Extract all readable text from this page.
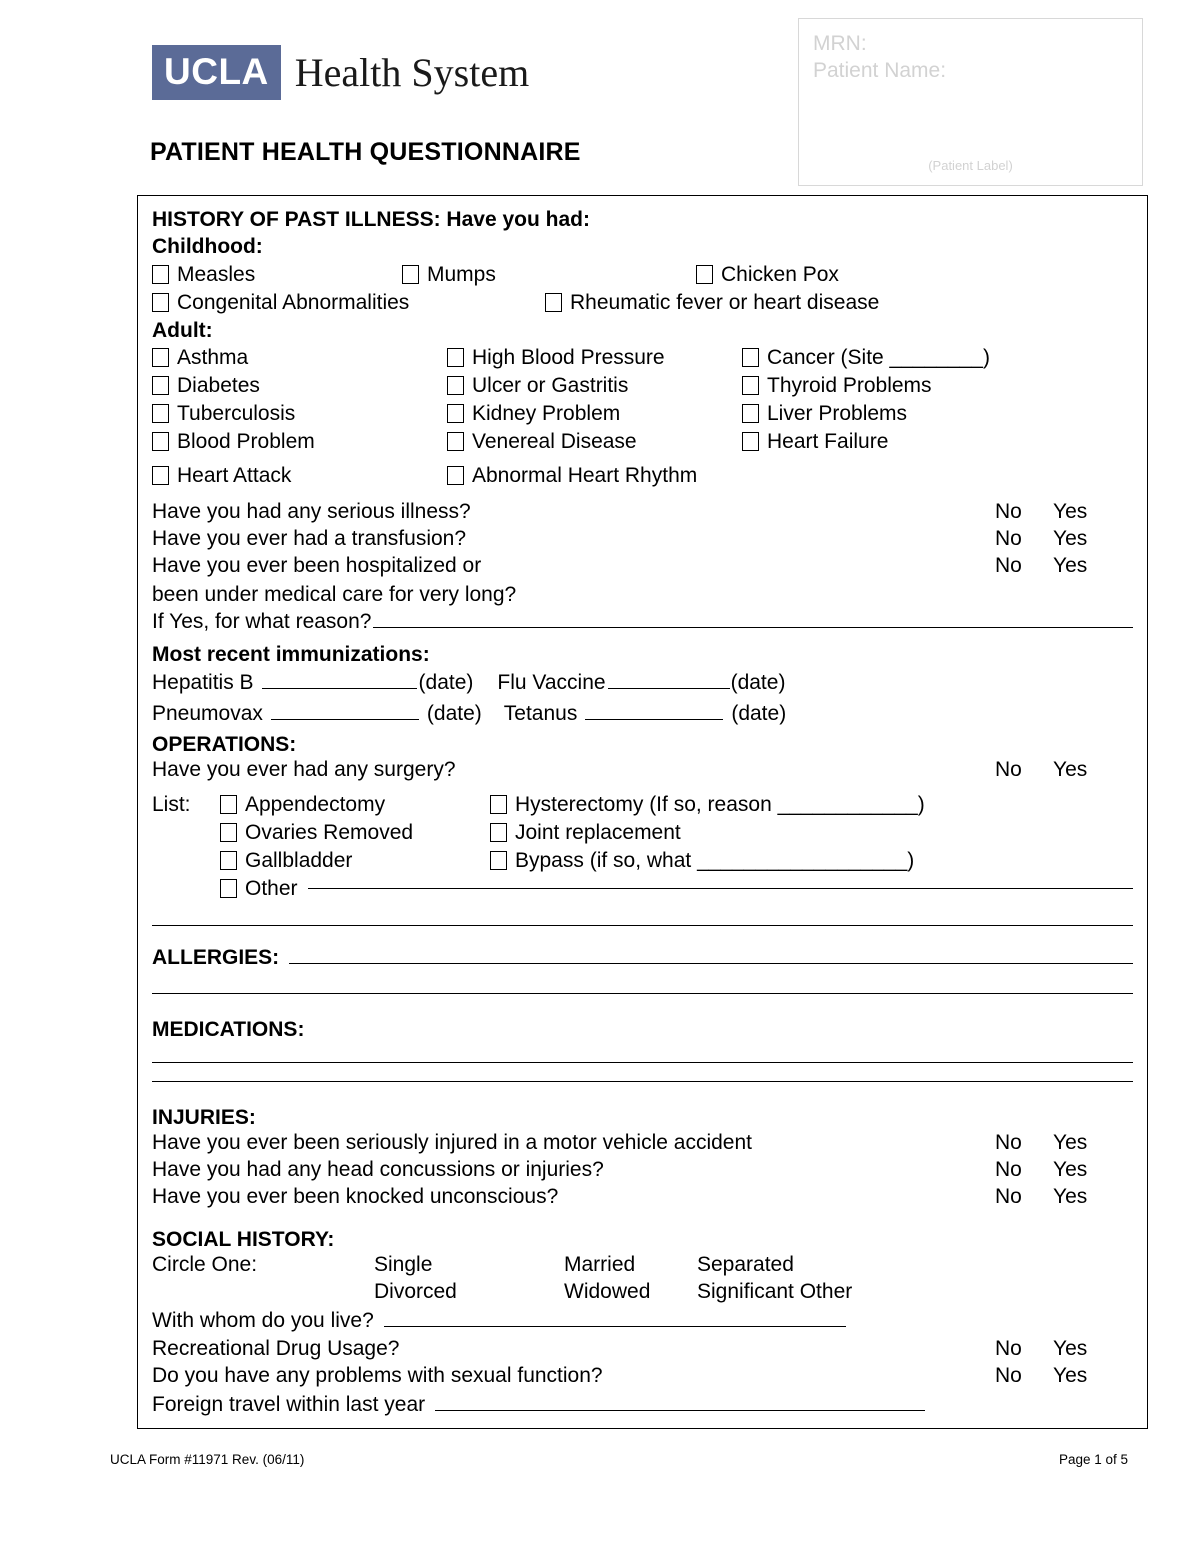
UCLA Health System
PATIENT HEALTH QUESTIONNAIRE
MRN:
Patient Name:
(Patient Label)
HISTORY OF PAST ILLNESS: Have you had:
Childhood:
Measles	Mumps	Chicken Pox
Congenital Abnormalities	Rheumatic fever or heart disease
Adult:
Asthma	High Blood Pressure	Cancer (Site ________)
Diabetes	Ulcer or Gastritis	Thyroid Problems
Tuberculosis	Kidney Problem	Liver Problems
Blood Problem	Venereal Disease	Heart Failure
Heart Attack	Abnormal Heart Rhythm
Have you had any serious illness?	No	Yes
Have you ever had a transfusion?	No	Yes
Have you ever been hospitalized or	No	Yes
been under medical care for very long?
If Yes, for what reason?
Most recent immunizations:
Hepatitis B	(date)
Flu Vaccine	(date)
Pneumovax	(date)
Tetanus	(date)
OPERATIONS:
Have you ever had any surgery?	No	Yes
List:	Appendectomy	Hysterectomy (If so, reason ____________)

Ovaries Removed	Joint replacement

Gallbladder	Bypass (if so, what __________________)

Other
ALLERGIES:
MEDICATIONS:
INJURIES:
Have you ever been seriously injured in a motor vehicle accident	No	Yes
Have you had any head concussions or injuries?	No	Yes
Have you ever been knocked unconscious?	No	Yes
SOCIAL HISTORY:
Circle One:	Single	Married	Separated

Divorced	Widowed	Significant Other
With whom do you live?
Recreational Drug Usage?	No	Yes
Do you have any problems with sexual function?	No	Yes
Foreign travel within last year
UCLA Form #11971 Rev. (06/11)	Page 1 of 5
